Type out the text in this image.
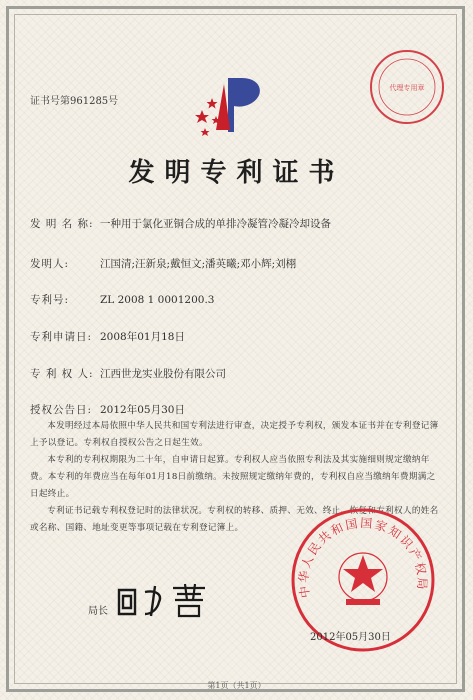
证书号第961285号
代理专用章
发明专利证书
发 明 名 称: 一种用于氯化亚铜合成的单排冷凝管冷凝冷却设备
发明人:	江国清;汪新泉;戴恒文;潘英曦;邓小辉;刘栩
专利号:	ZL 2008 1 0001200.3
专利申请日: 2008年01月18日
专 利 权 人: 江西世龙实业股份有限公司
授权公告日: 2012年05月30日

本发明经过本局依照中华人民共和国专利法进行审查，决定授予专利权，颁发本证书并在专利登记簿上予以登记。专利权自授权公告之日起生效。

本专利的专利权期限为二十年，自申请日起算。专利权人应当依照专利法及其实施细则规定缴纳年费。本专利的年费应当在每年01月18日前缴纳。未按照规定缴纳年费的，专利权自应当缴纳年费期满之日起终止。

专利证书记载专利权登记时的法律状况。专利权的转移、质押、无效、终止、恢复和专利权人的姓名或名称、国籍、地址变更等事项记载在专利登记簿上。

中华人民共和国国家知识产权局
局长
2012年05月30日
第1页（共1页）
